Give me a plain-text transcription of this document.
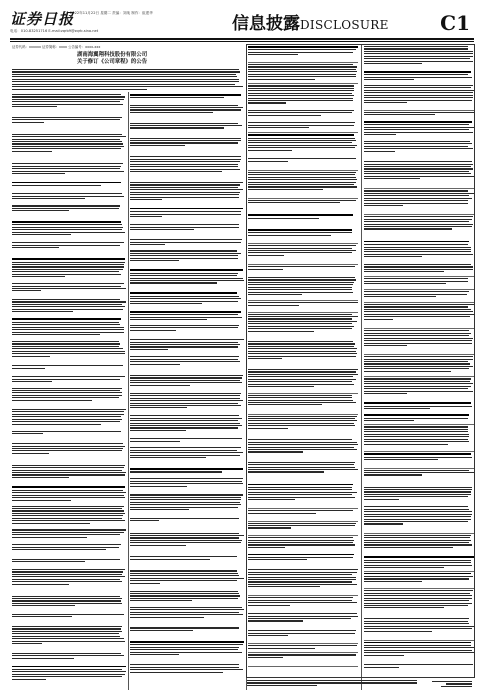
证券日报
2022年11月22日 星期二 责编：刘纯 制作：崔建华
电话：010-83251716 E-mail:zqrb9@zqrb.sina.net	信息披露DISCLOSURE	C1
证券代码：xxxxxx 证券简称：xxxx 公告编号：xxxx-xxx
湖南海翼翔科技股份有限公司
关于修订《公司章程》的公告
